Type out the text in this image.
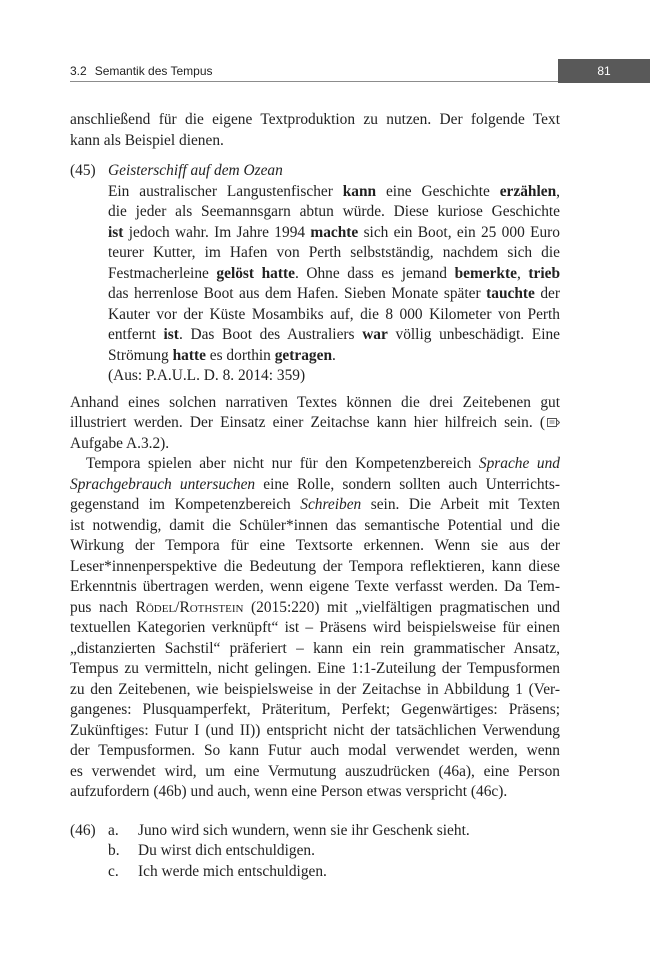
3.2 Semantik des Tempus	81
anschließend für die eigene Textproduktion zu nutzen. Der folgende Text
kann als Beispiel dienen.
(45) Geisterschiff auf dem Ozean
Ein australischer Langustenfischer kann eine Geschichte erzählen,
die jeder als Seemannsgarn abtun würde. Diese kuriose Geschichte
ist jedoch wahr. Im Jahre 1994 machte sich ein Boot, ein 25 000 Euro
teurer Kutter, im Hafen von Perth selbstständig, nachdem sich die
Festmacherleine gelöst hatte. Ohne dass es jemand bemerkte, trieb
das herrenlose Boot aus dem Hafen. Sieben Monate später tauchte der
Kauter vor der Küste Mosambiks auf, die 8 000 Kilometer von Perth
entfernt ist. Das Boot des Australiers war völlig unbeschädigt. Eine
Strömung hatte es dorthin getragen.
(Aus: P.A.U.L. D. 8. 2014: 359)
Anhand eines solchen narrativen Textes können die drei Zeitebenen gut
illustriert werden. Der Einsatz einer Zeitachse kann hier hilfreich sein. (
Aufgabe A.3.2).
Tempora spielen aber nicht nur für den Kompetenzbereich Sprache und
Sprachgebrauch untersuchen eine Rolle, sondern sollten auch Unterrichts-
gegenstand im Kompetenzbereich Schreiben sein. Die Arbeit mit Texten
ist notwendig, damit die Schüler*innen das semantische Potential und die
Wirkung der Tempora für eine Textsorte erkennen. Wenn sie aus der
Leser*innenperspektive die Bedeutung der Tempora reflektieren, kann diese
Erkenntnis übertragen werden, wenn eigene Texte verfasst werden. Da Tem-
pus nach Rödel/Rothstein (2015:220) mit „vielfältigen pragmatischen und
textuellen Kategorien verknüpft“ ist – Präsens wird beispielsweise für einen
„distanzierten Sachstil“ präferiert – kann ein rein grammatischer Ansatz,
Tempus zu vermitteln, nicht gelingen. Eine 1:1-Zuteilung der Tempusformen
zu den Zeitebenen, wie beispielsweise in der Zeitachse in Abbildung 1 (Ver-
gangenes: Plusquamperfekt, Präteritum, Perfekt; Gegenwärtiges: Präsens;
Zukünftiges: Futur I (und II)) entspricht nicht der tatsächlichen Verwendung
der Tempusformen. So kann Futur auch modal verwendet werden, wenn
es verwendet wird, um eine Vermutung auszudrücken (46a), eine Person
aufzufordern (46b) und auch, wenn eine Person etwas verspricht (46c).
(46) a.	Juno wird sich wundern, wenn sie ihr Geschenk sieht.
b.	Du wirst dich entschuldigen.
c.	Ich werde mich entschuldigen.
